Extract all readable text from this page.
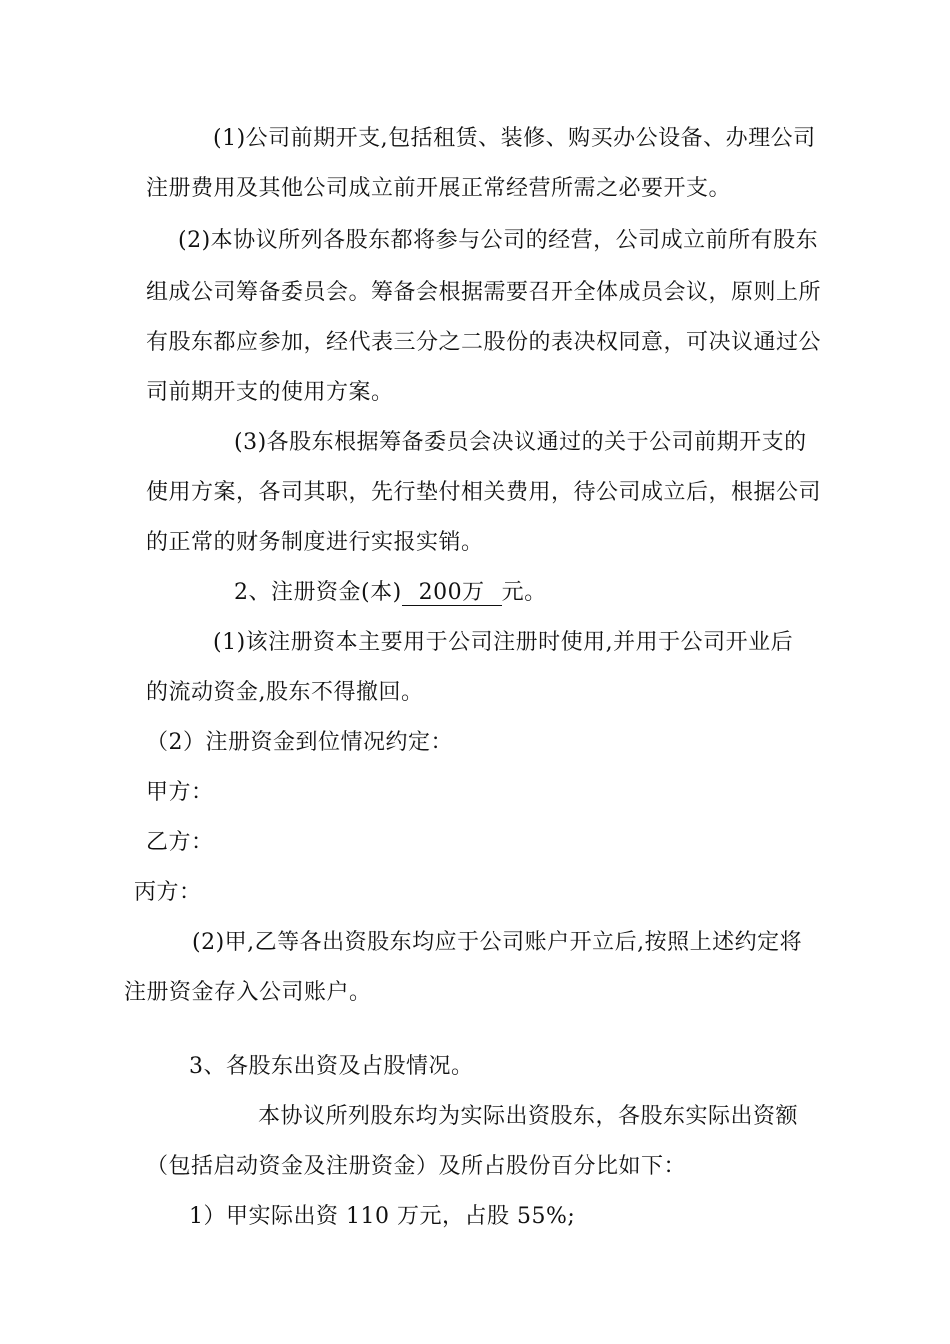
(1)公司前期开支,包括租赁、装修、购买办公设备、办理公司
注册费用及其他公司成立前开展正常经营所需之必要开支。
(2)本协议所列各股东都将参与公司的经营，公司成立前所有股东
组成公司筹备委员会。筹备会根据需要召开全体成员会议，原则上所
有股东都应参加，经代表三分之二股份的表决权同意，可决议通过公
司前期开支的使用方案。
(3)各股东根据筹备委员会决议通过的关于公司前期开支的
使用方案，各司其职，先行垫付相关费用，待公司成立后，根据公司
的正常的财务制度进行实报实销。
2、注册资金(本)  200万  元。
(1)该注册资本主要用于公司注册时使用,并用于公司开业后
的流动资金,股东不得撤回。
（2）注册资金到位情况约定：
甲方：
乙方：
丙方：
(2)甲,乙等各出资股东均应于公司账户开立后,按照上述约定将
注册资金存入公司账户。
3、各股东出资及占股情况。
本协议所列股东均为实际出资股东，各股东实际出资额
（包括启动资金及注册资金）及所占股份百分比如下：
1）甲实际出资 110 万元，占股 55%;
